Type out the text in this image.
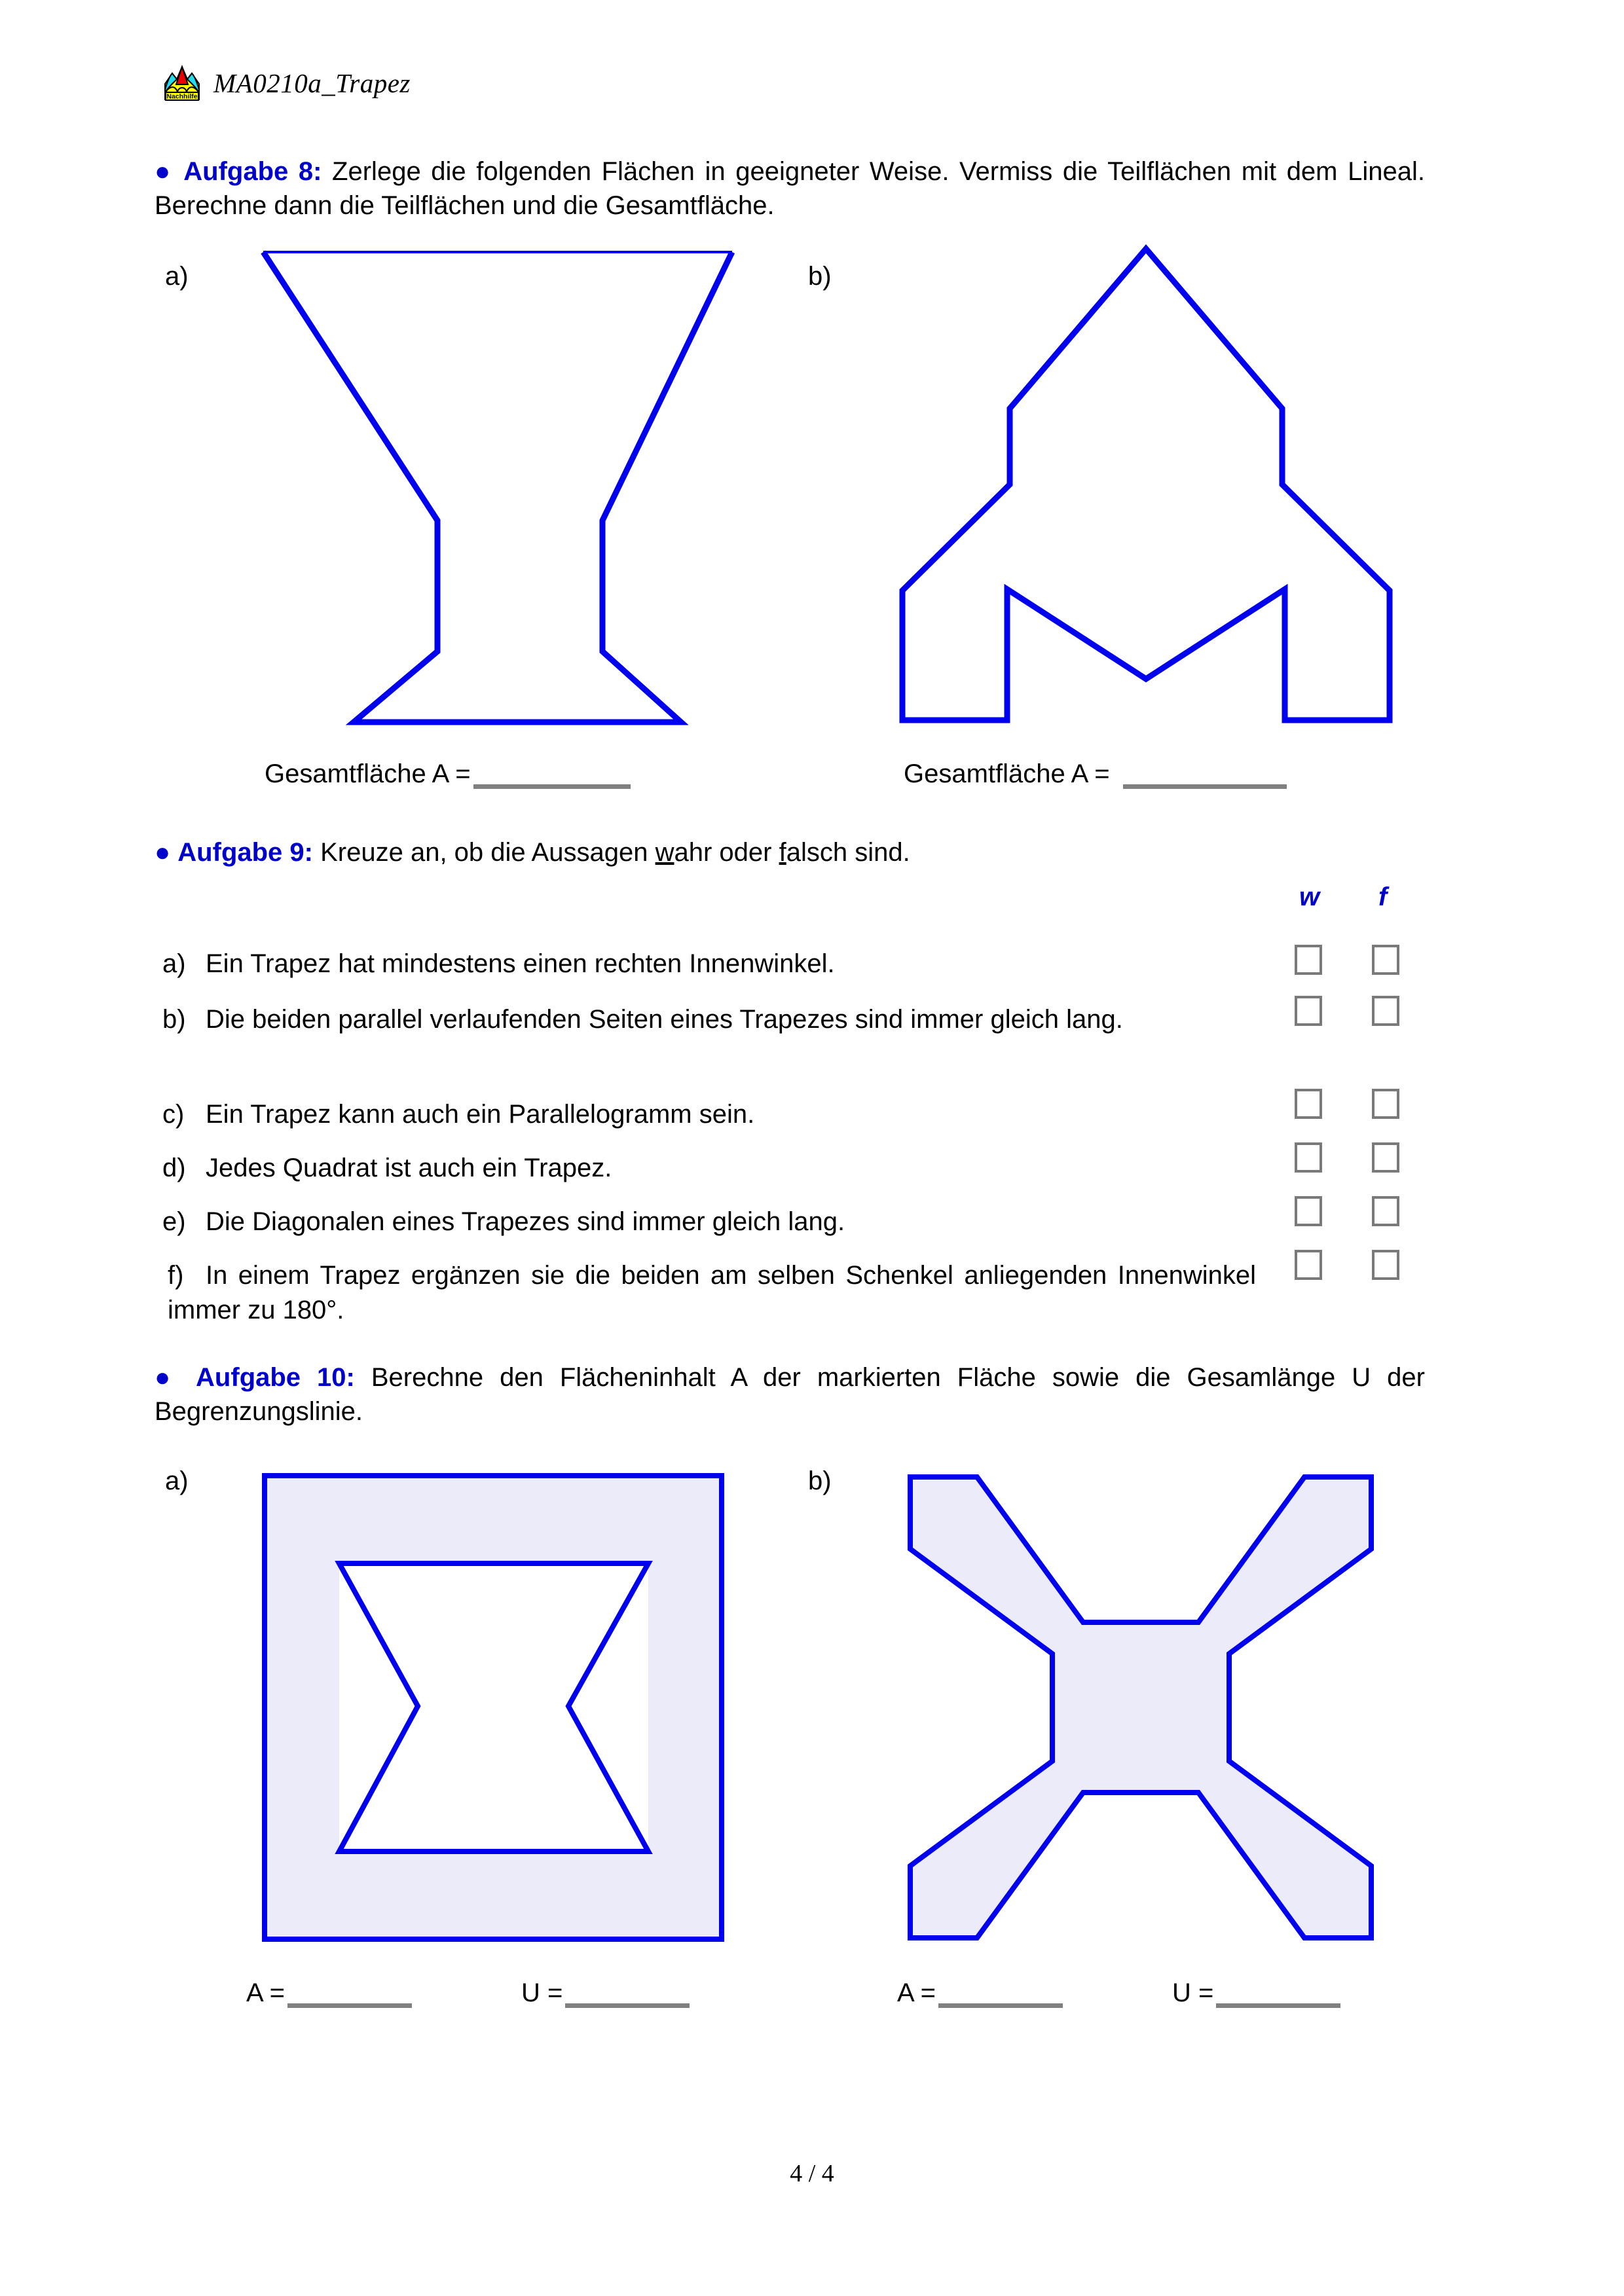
Nachhilfe MA0210a_Trapez
● Aufgabe 8: Zerlege die folgenden Flächen in geeigneter Weise. Vermiss die Teilflächen mit dem Lineal. Berechne dann die Teilflächen und die Gesamtfläche.
a)	b)
Gesamtfläche A =	Gesamtfläche A =
● Aufgabe 9: Kreuze an, ob die Aussagen wahr oder falsch sind.
w f
a) Ein Trapez hat mindestens einen rechten Innenwinkel.
b) Die beiden parallel verlaufenden Seiten eines Trapezes sind immer gleich lang.
c) Ein Trapez kann auch ein Parallelogramm sein.
d) Jedes Quadrat ist auch ein Trapez.
e) Die Diagonalen eines Trapezes sind immer gleich lang.
f) In einem Trapez ergänzen sie die beiden am selben Schenkel anliegenden Innenwinkel immer zu 180°.
● Aufgabe 10: Berechne den Flächeninhalt A der markierten Fläche sowie die Gesamlänge U der Begrenzungslinie.
a)	b)
A =	U =	A =	U =
4 / 4
